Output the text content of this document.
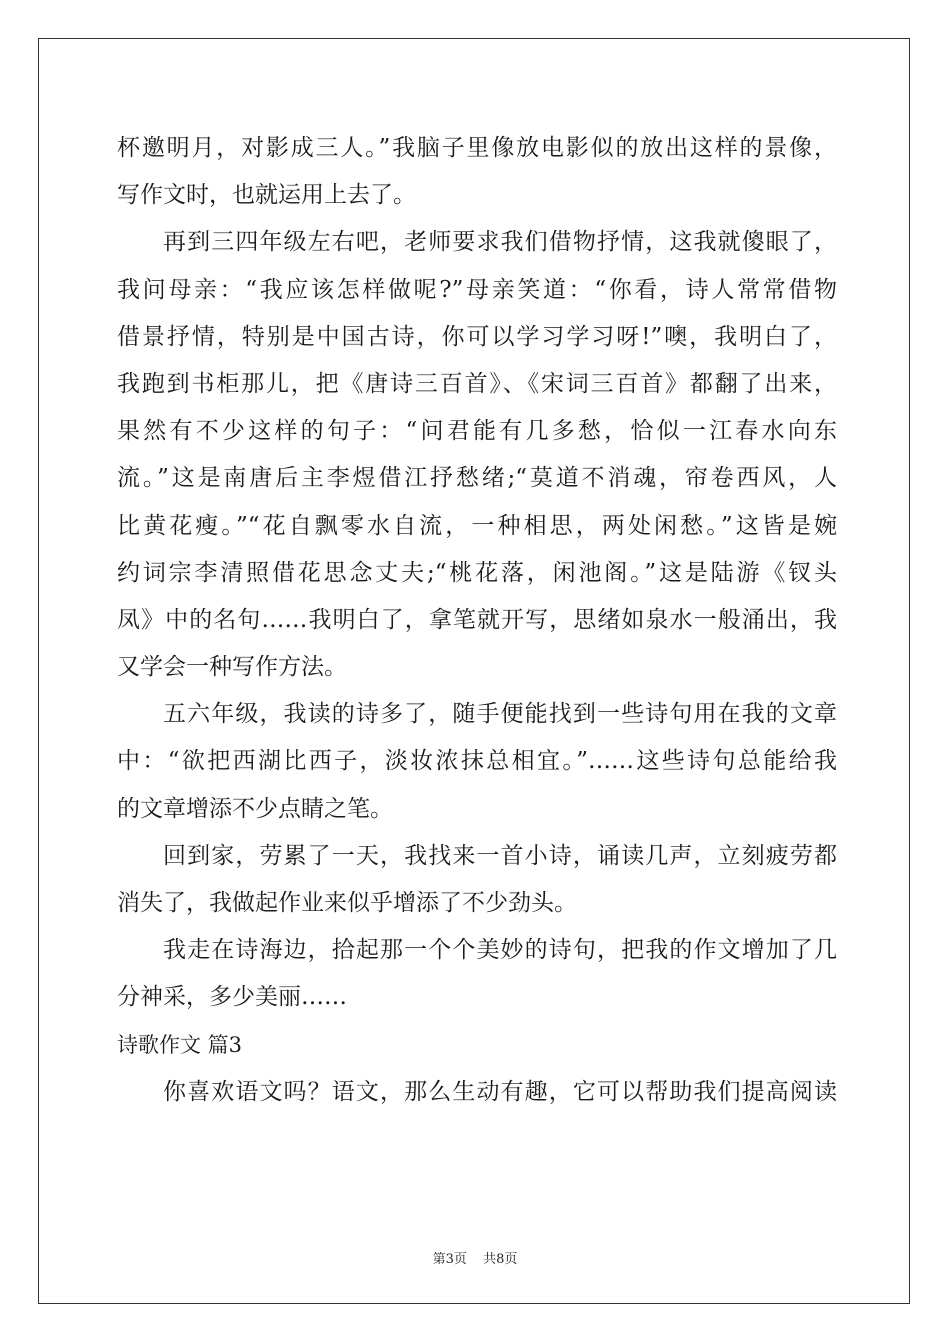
杯邀明月，对影成三人。”我脑子里像放电影似的放出这样的景像，
写作文时，也就运用上去了。
再到三四年级左右吧，老师要求我们借物抒情，这我就傻眼了，
我问母亲：“我应该怎样做呢?”母亲笑道：“你看，诗人常常借物
借景抒情，特别是中国古诗，你可以学习学习呀!”噢，我明白了，
我跑到书柜那儿，把《唐诗三百首》、《宋词三百首》都翻了出来，
果然有不少这样的句子：“问君能有几多愁，恰似一江春水向东
流。”这是南唐后主李煜借江抒愁绪;“莫道不消魂，帘卷西风，人
比黄花瘦。”“花自飘零水自流，一种相思，两处闲愁。”这皆是婉
约词宗李清照借花思念丈夫;“桃花落，闲池阁。”这是陆游《钗头
凤》中的名句……我明白了，拿笔就开写，思绪如泉水一般涌出，我
又学会一种写作方法。
五六年级，我读的诗多了，随手便能找到一些诗句用在我的文章
中：“欲把西湖比西子，淡妆浓抹总相宜。”……这些诗句总能给我
的文章增添不少点睛之笔。
回到家，劳累了一天，我找来一首小诗，诵读几声，立刻疲劳都
消失了，我做起作业来似乎增添了不少劲头。
我走在诗海边，拾起那一个个美妙的诗句，把我的作文增加了几
分神采，多少美丽……
诗歌作文 篇3
你喜欢语文吗？语文，那么生动有趣，它可以帮助我们提高阅读
第3页 共8页
